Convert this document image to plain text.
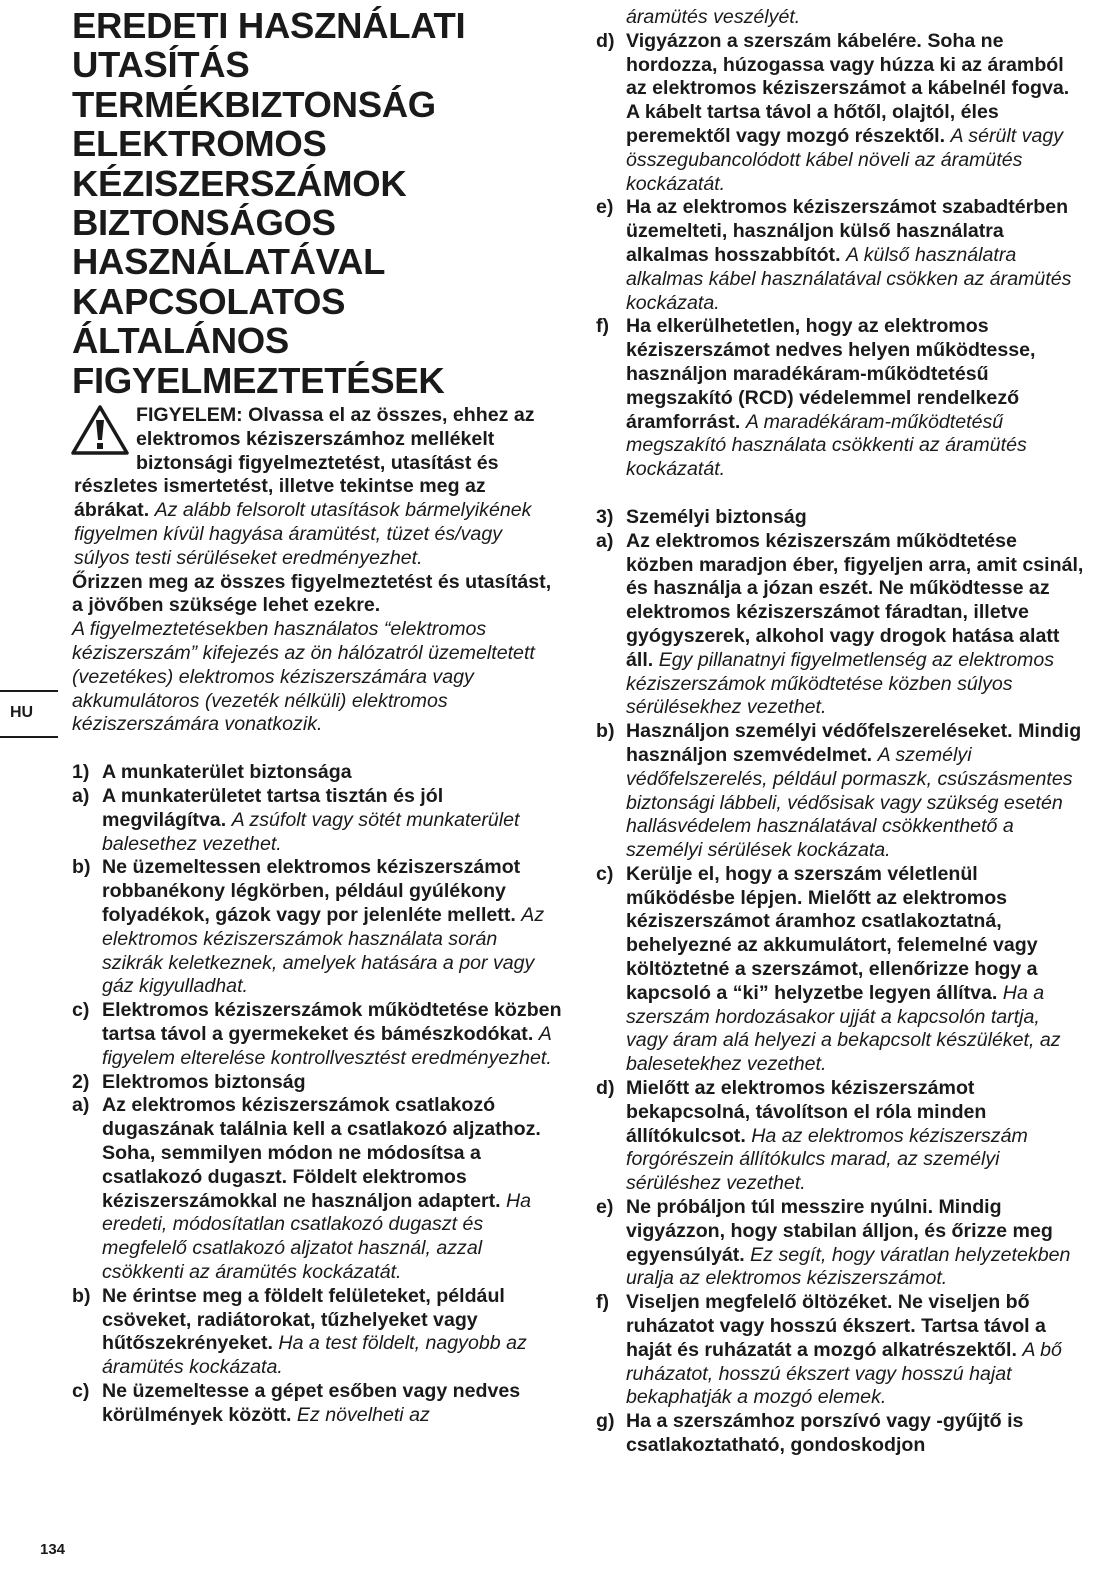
HU
134
EREDETI HASZNÁLATI
UTASÍTÁS
TERMÉKBIZTONSÁG
ELEKTROMOS
KÉZISZERSZÁMOK
BIZTONSÁGOS
HASZNÁLATÁVAL
KAPCSOLATOS
ÁLTALÁNOS
FIGYELMEZTETÉSEK

FIGYELEM: Olvassa el az összes, ehhez az elektromos kéziszerszámhoz mellékelt biztonsági figyelmeztetést, utasítást és részletes ismertetést, illetve tekintse meg az ábrákat. Az alább felsorolt utasítások bármelyikének figyelmen kívül hagyása áramütést, tüzet és/vagy súlyos testi sérüléseket eredményezhet.

Őrizzen meg az összes figyelmeztetést és utasítást, a jövőben szüksége lehet ezekre.

A figyelmeztetésekben használatos “elektromos kéziszerszám” kifejezés az ön hálózatról üzemeltetett (vezetékes) elektromos kéziszerszámára vagy akkumulátoros (vezeték nélküli) elektromos kéziszerszámára vonatkozik.

1) A munkaterület biztonsága
a) A munkaterületet tartsa tisztán és jól megvilágítva. A zsúfolt vagy sötét munkaterület balesethez vezethet.
b) Ne üzemeltessen elektromos kéziszerszámot robbanékony légkörben, például gyúlékony folyadékok, gázok vagy por jelenléte mellett. Az elektromos kéziszerszámok használata során szikrák keletkeznek, amelyek hatására a por vagy gáz kigyulladhat.
c) Elektromos kéziszerszámok működtetése közben tartsa távol a gyermekeket és bámészkodókat. A figyelem elterelése kontrollvesztést eredményezhet.
2) Elektromos biztonság
a) Az elektromos kéziszerszámok csatlakozó dugaszának találnia kell a csatlakozó aljzathoz. Soha, semmilyen módon ne módosítsa a csatlakozó dugaszt. Földelt elektromos kéziszerszámokkal ne használjon adaptert. Ha eredeti, módosítatlan csatlakozó dugaszt és megfelelő csatlakozó aljzatot használ, azzal csökkenti az áramütés kockázatát.
b) Ne érintse meg a földelt felületeket, például csöveket, radiátorokat, tűzhelyeket vagy hűtőszekrényeket. Ha a test földelt, nagyobb az áramütés kockázata.
c) Ne üzemeltesse a gépet esőben vagy nedves körülmények között. Ez növelheti az
áramütés veszélyét.
d) Vigyázzon a szerszám kábelére. Soha ne hordozza, húzogassa vagy húzza ki az áramból az elektromos kéziszerszámot a kábelnél fogva. A kábelt tartsa távol a hőtől, olajtól, éles peremektől vagy mozgó részektől. A sérült vagy összegubancolódott kábel növeli az áramütés kockázatát.
e) Ha az elektromos kéziszerszámot szabadtérben üzemelteti, használjon külső használatra alkalmas hosszabbítót. A külső használatra alkalmas kábel használatával csökken az áramütés kockázata.
f) Ha elkerülhetetlen, hogy az elektromos kéziszerszámot nedves helyen működtesse, használjon maradékáram-működtetésű megszakító (RCD) védelemmel rendelkező áramforrást. A maradékáram-működtetésű megszakító használata csökkenti az áramütés kockázatát.
3) Személyi biztonság
a) Az elektromos kéziszerszám működtetése közben maradjon éber, figyeljen arra, amit csinál, és használja a józan eszét. Ne működtesse az elektromos kéziszerszámot fáradtan, illetve gyógyszerek, alkohol vagy drogok hatása alatt áll. Egy pillanatnyi figyelmetlenség az elektromos kéziszerszámok működtetése közben súlyos sérülésekhez vezethet.
b) Használjon személyi védőfelszereléseket. Mindig használjon szemvédelmet. A személyi védőfelszerelés, például pormaszk, csúszásmentes biztonsági lábbeli, védősisak vagy szükség esetén hallásvédelem használatával csökkenthető a személyi sérülések kockázata.
c) Kerülje el, hogy a szerszám véletlenül működésbe lépjen. Mielőtt az elektromos kéziszerszámot áramhoz csatlakoztatná, behelyezné az akkumulátort, felemelné vagy költöztetné a szerszámot, ellenőrizze hogy a kapcsoló a “ki” helyzetbe legyen állítva. Ha a szerszám hordozásakor ujját a kapcsolón tartja, vagy áram alá helyezi a bekapcsolt készüléket, az balesetekhez vezethet.
d) Mielőtt az elektromos kéziszerszámot bekapcsolná, távolítson el róla minden állítókulcsot. Ha az elektromos kéziszerszám forgórészein állítókulcs marad, az személyi sérüléshez vezethet.
e) Ne próbáljon túl messzire nyúlni. Mindig vigyázzon, hogy stabilan álljon, és őrizze meg egyensúlyát. Ez segít, hogy váratlan helyzetekben uralja az elektromos kéziszerszámot.
f) Viseljen megfelelő öltözéket. Ne viseljen bő ruházatot vagy hosszú ékszert. Tartsa távol a haját és ruházatát a mozgó alkatrészektől. A bő ruházatot, hosszú ékszert vagy hosszú hajat bekaphatják a mozgó elemek.
g) Ha a szerszámhoz porszívó vagy -gyűjtő is csatlakoztatható, gondoskodjon
